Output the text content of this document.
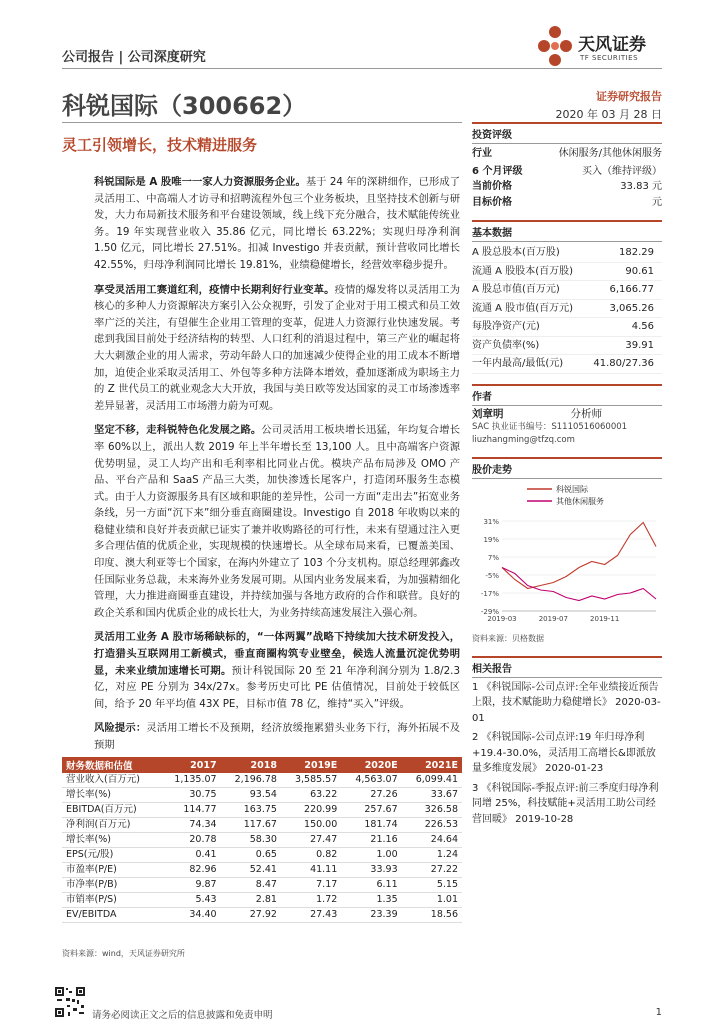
公司报告 | 公司深度研究
天风证券
TF SECURITIES
科锐国际（300662）	证券研究报告
2020 年 03 月 28 日
灵工引领增长，技术精进服务

科锐国际是 A 股唯一一家人力资源服务企业。基于 24 年的深耕细作，已形成了灵活用工、中高端人才访寻和招聘流程外包三个业务板块，且坚持技术创新与研发，大力布局新技术服务和平台建设领域，线上线下充分融合，技术赋能传统业务。19 年实现营业收入 35.86 亿元，同比增长 63.22%；实现归母净利润 1.50 亿元，同比增长 27.51%。扣减 Investigo 并表贡献，预计营收同比增长 42.55%，归母净利润同比增长 19.81%，业绩稳健增长，经营效率稳步提升。

享受灵活用工赛道红利，疫情中长期利好行业变革。疫情的爆发将以灵活用工为核心的多种人力资源解决方案引入公众视野，引发了企业对于用工模式和员工效率广泛的关注，有望催生企业用工管理的变革，促进人力资源行业快速发展。考虑到我国目前处于经济结构的转型、人口红利的消退过程中，第三产业的崛起将大大刺激企业的用人需求，劳动年龄人口的加速减少使得企业的用工成本不断增加，迫使企业采取灵活用工、外包等多种方法降本增效，叠加逐渐成为职场主力的 Z 世代员工的就业观念大大开放，我国与美日欧等发达国家的灵工市场渗透率差异显著，灵活用工市场潜力蔚为可观。

坚定不移，走科锐特色化发展之路。公司灵活用工板块增长迅猛，年均复合增长率 60%以上，派出人数 2019 年上半年增长至 13,100 人。且中高端客户资源优势明显，灵工人均产出和毛利率相比同业占优。模块产品布局涉及 OMO 产品、平台产品和 SaaS 产品三大类，加快渗透长尾客户，打造闭环服务生态模式。由于人力资源服务具有区域和职能的差异性，公司一方面“走出去”拓宽业务条线，另一方面“沉下来”细分垂直商圈建设。Investigo 自 2018 年收购以来的稳健业绩和良好并表贡献已证实了兼并收购路径的可行性，未来有望通过注入更多合理估值的优质企业，实现规模的快速增长。从全球布局来看，已覆盖美国、印度、澳大利亚等七个国家，在海内外建立了 103 个分支机构。原总经理郭鑫改任国际业务总裁，未来海外业务发展可期。从国内业务发展来看，为加强精细化管理，大力推进商圈垂直建设，并持续加强与各地方政府的合作和联营。良好的政企关系和国内优质企业的成长壮大，为业务持续高速发展注入强心剂。

灵活用工业务 A 股市场稀缺标的，“一体两翼”战略下持续加大技术研发投入，打造猎头互联网用工新模式，垂直商圈构筑专业壁垒，候选人流量沉淀优势明显，未来业绩加速增长可期。预计科锐国际 20 至 21 年净利润分别为 1.8/2.3 亿，对应 PE 分别为 34x/27x。参考历史可比 PE 估值情况，目前处于较低区间，给予 20 年平均值 43X PE，目标市值 78 亿，维持“买入”评级。

风险提示：灵活用工增长不及预期，经济放缓拖累猎头业务下行，海外拓展不及预期

投资评级
行业	休闲服务/其他休闲服务
6 个月评级	买入（维持评级）
当前价格	33.83 元
目标价格	元
基本数据
A 股总股本(百万股)	182.29
流通 A 股股本(百万股)	90.61
A 股总市值(百万元)	6,166.77
流通 A 股市值(百万元)	3,065.26
每股净资产(元)	4.56
资产负债率(%)	39.91
一年内最高/最低(元)	41.80/27.36
作者
刘章明	分析师
SAC 执业证书编号：S1110516060001
liuzhangming@tfzq.com
股价走势
科锐国际
其他休闲服务
31%
19%
7%
-5%
-17%
-29%
2019-03	2019-07	2019-11
资料来源：贝格数据
相关报告
1 《科锐国际-公司点评:全年业绩接近预告上限，技术赋能助力稳健增长》 2020-03-01
2 《科锐国际-公司点评:19 年归母净利+19.4-30.0%，灵活用工高增长&即派放量多维度发展》 2020-01-23
3 《科锐国际-季报点评:前三季度归母净利同增 25%，科技赋能+灵活用工助公司经营回暖》 2019-10-28
财务数据和估值	2017	2018	2019E	2020E	2021E
营业收入(百万元)	1,135.07	2,196.78	3,585.57	4,563.07	6,099.41
增长率(%)	30.75	93.54	63.22	27.26	33.67
EBITDA(百万元)	114.77	163.75	220.99	257.67	326.58
净利润(百万元)	74.34	117.67	150.00	181.74	226.53
增长率(%)	20.78	58.30	27.47	21.16	24.64
EPS(元/股)	0.41	0.65	0.82	1.00	1.24
市盈率(P/E)	82.96	52.41	41.11	33.93	27.22
市净率(P/B)	9.87	8.47	7.17	6.11	5.15
市销率(P/S)	5.43	2.81	1.72	1.35	1.01
EV/EBITDA	34.40	27.92	27.43	23.39	18.56
资料来源：wind，天风证券研究所
请务必阅读正文之后的信息披露和免责申明	1
